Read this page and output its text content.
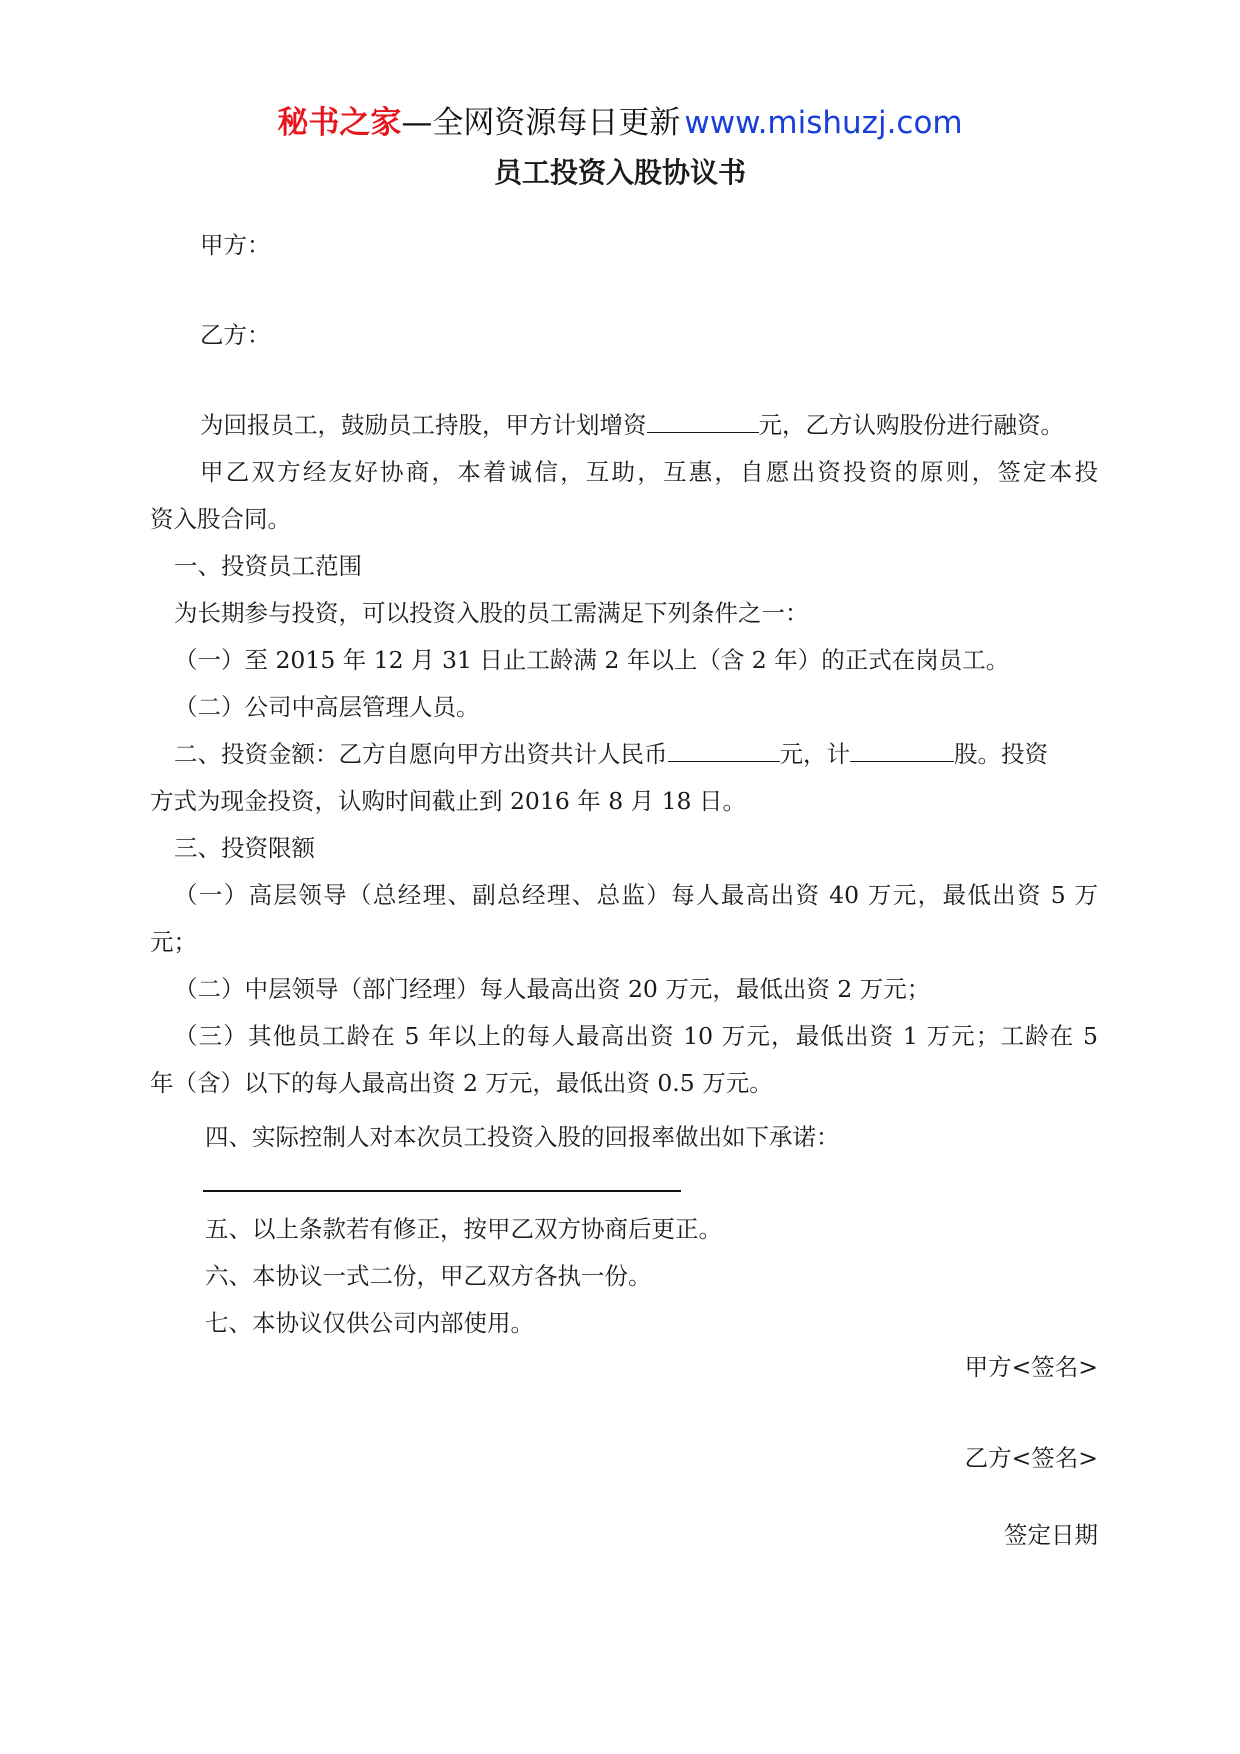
秘书之家—全网资源每日更新 www.mishuzj.com
员工投资入股协议书
甲方：
乙方：
为回报员工，鼓励员工持股，甲方计划增资	元，乙方认购股份进行融资。
甲乙双方经友好协商，本着诚信，互助，互惠，自愿出资投资的原则，签定本投
资入股合同。
一、投资员工范围
为长期参与投资，可以投资入股的员工需满足下列条件之一：
（一）至 2015 年 12 月 31 日止工龄满 2 年以上（含 2 年）的正式在岗员工。
（二）公司中高层管理人员。
二、投资金额：乙方自愿向甲方出资共计人民币	元，计	股。投资
方式为现金投资，认购时间截止到 2016 年 8 月 18 日。
三、投资限额
（一）高层领导（总经理、副总经理、总监）每人最高出资 40 万元，最低出资 5 万
元；
（二）中层领导（部门经理）每人最高出资 20 万元，最低出资 2 万元；
（三）其他员工龄在 5 年以上的每人最高出资 10 万元，最低出资 1 万元；工龄在 5
年（含）以下的每人最高出资 2 万元，最低出资 0.5 万元。
四、实际控制人对本次员工投资入股的回报率做出如下承诺：
五、以上条款若有修正，按甲乙双方协商后更正。
六、本协议一式二份，甲乙双方各执一份。
七、本协议仅供公司内部使用。
甲方<签名>
乙方<签名>
签定日期
